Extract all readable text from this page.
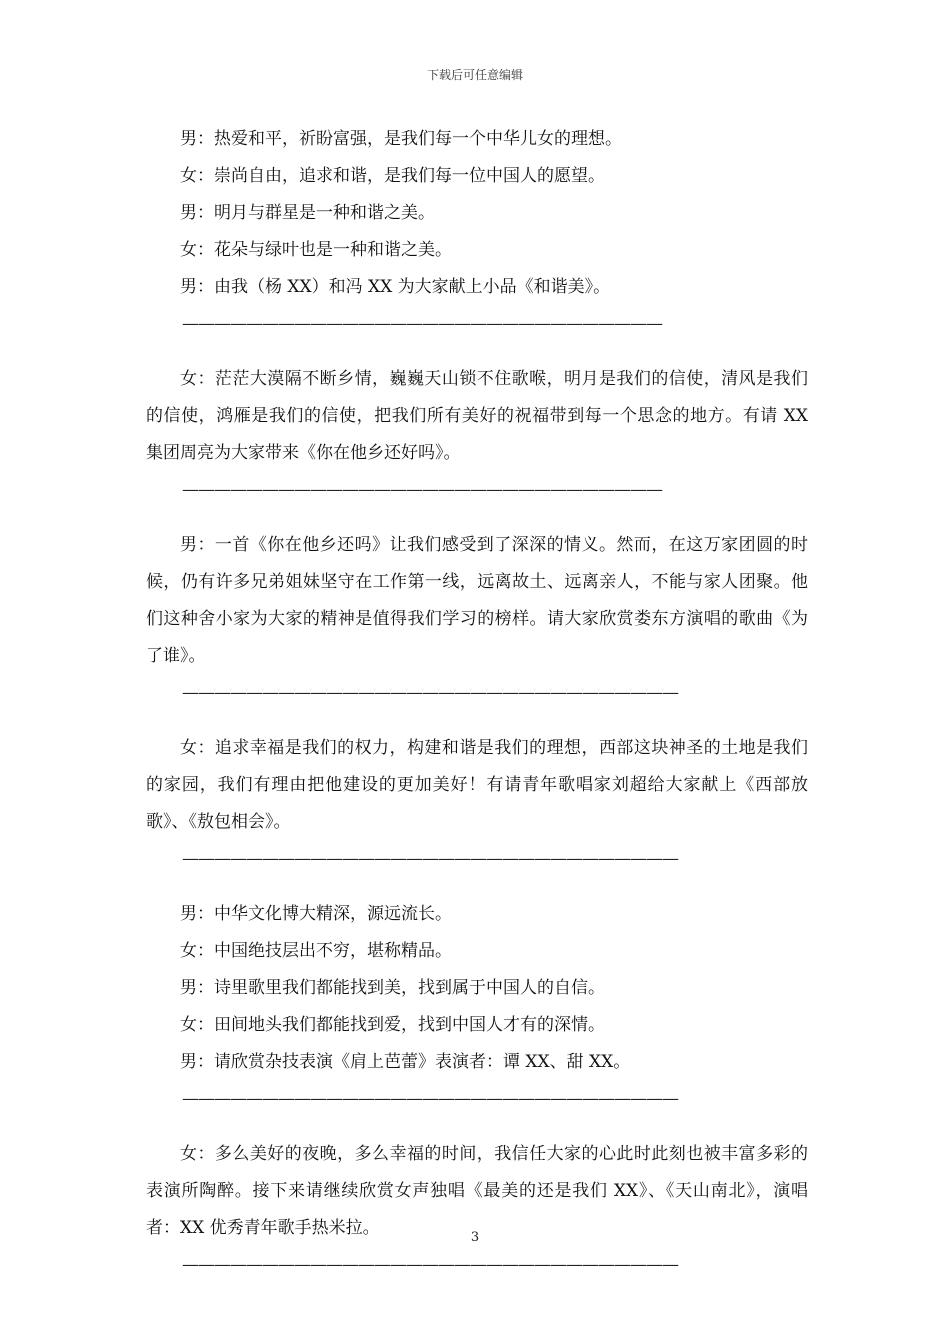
下载后可任意编辑

男：热爱和平，祈盼富强，是我们每一个中华儿女的理想。

女：崇尚自由，追求和谐，是我们每一位中国人的愿望。

男：明月与群星是一种和谐之美。

女：花朵与绿叶也是一种和谐之美。

男：由我（杨 XX）和冯 XX 为大家献上小品《和谐美》。

——————————————————————————————

女：茫茫大漠隔不断乡情，巍巍天山锁不住歌喉，明月是我们的信使，清风是我们的信使，鸿雁是我们的信使，把我们所有美好的祝福带到每一个思念的地方。有请 XX 集团周亮为大家带来《你在他乡还好吗》。

——————————————————————————————

男：一首《你在他乡还吗》让我们感受到了深深的情义。然而，在这万家团圆的时候，仍有许多兄弟姐妹坚守在工作第一线，远离故土、远离亲人，不能与家人团聚。他们这种舍小家为大家的精神是值得我们学习的榜样。请大家欣赏娄东方演唱的歌曲《为了谁》。

———————————————————————————————

女：追求幸福是我们的权力，构建和谐是我们的理想，西部这块神圣的土地是我们的家园，我们有理由把他建设的更加美好！有请青年歌唱家刘超给大家献上《西部放歌》、《敖包相会》。

———————————————————————————————

男：中华文化博大精深，源远流长。

女：中国绝技层出不穷，堪称精品。

男：诗里歌里我们都能找到美，找到属于中国人的自信。

女：田间地头我们都能找到爱，找到中国人才有的深情。

男：请欣赏杂技表演《肩上芭蕾》表演者：谭 XX、甜 XX。

———————————————————————————————

女：多么美好的夜晚，多么幸福的时间，我信任大家的心此时此刻也被丰富多彩的表演所陶醉。接下来请继续欣赏女声独唱《最美的还是我们 XX》、《天山南北》，演唱者：XX 优秀青年歌手热米拉。

———————————————————————————————
3
